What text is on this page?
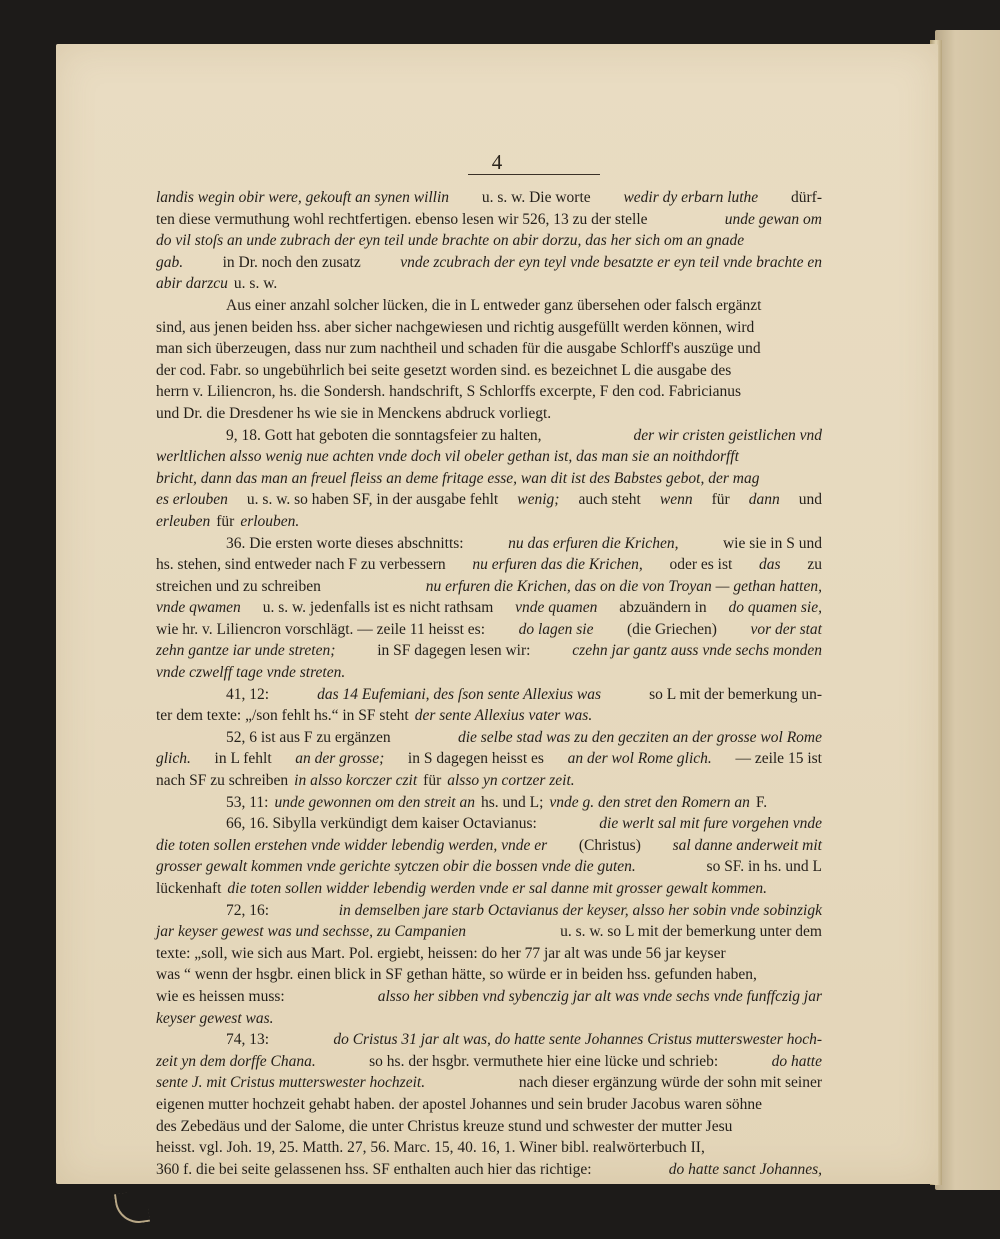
4
landis wegin obir were, gekouft an synen willin u. s. w. Die worte wedir dy erbarn luthe dürf-
ten diese vermuthung wohl rechtfertigen. ebenso lesen wir 526, 13 zu der stelle	unde gewan om
do vil stoſs an unde zubrach der eyn teil unde brachte on abir dorzu, das her sich om an gnade
gab.	in Dr. noch den zusatz	vnde zcubrach der eyn teyl vnde besatzte er eyn teil vnde brachte en
abir darzcu u. s. w.
Aus einer anzahl solcher lücken, die in L entweder ganz übersehen oder falsch ergänzt
sind, aus jenen beiden hss. aber sicher nachgewiesen und richtig ausgefüllt werden können, wird
man sich überzeugen, dass nur zum nachtheil und schaden für die ausgabe Schlorff's auszüge und
der cod. Fabr. so ungebührlich bei seite gesetzt worden sind. es bezeichnet L die ausgabe des
herrn v. Liliencron, hs. die Sondersh. handschrift, S Schlorffs excerpte, F den cod. Fabricianus
und Dr. die Dresdener hs wie sie in Menckens abdruck vorliegt.
9, 18. Gott hat geboten die sonntagsfeier zu halten,	der wir cristen geistlichen vnd
werltlichen alsso wenig nue achten vnde doch vil obeler gethan ist, das man sie an noithdorfft
bricht, dann das man an freuel fleiss an deme fritage esse, wan dit ist des Babstes gebot, der mag
es erlouben u. s. w. so haben SF, in der ausgabe fehlt wenig; auch steht wenn für dann und
erleuben für erlouben.
36. Die ersten worte dieses abschnitts:	nu das erfuren die Krichen,	wie sie in S und
hs. stehen, sind entweder nach F zu verbessern nu erfuren das die Krichen, oder es ist das zu
streichen und zu schreiben	nu erfuren die Krichen, das on die von Troyan — gethan hatten,
vnde qwamen u. s. w. jedenfalls ist es nicht rathsam vnde quamen abzuändern in do quamen sie,
wie hr. v. Liliencron vorschlägt. — zeile 11 heisst es: do lagen sie (die Griechen) vor der stat
zehn gantze iar unde streten;	in SF dagegen lesen wir:	czehn jar gantz auss vnde sechs monden
vnde czwelff tage vnde streten.
41, 12:	das 14 Eufemiani, des ſson sente Allexius was	so L mit der bemerkung un-
ter dem texte: „/son fehlt hs.“ in SF steht der sente Allexius vater was.
52, 6 ist aus F zu ergänzen	die selbe stad was zu den gecziten an der grosse wol Rome
glich. in L fehlt an der grosse; in S dagegen heisst es an der wol Rome glich. — zeile 15 ist
nach SF zu schreiben in alsso korczer czit für alsso yn cortzer zeit.
53, 11: unde gewonnen om den streit an hs. und L; vnde g. den stret den Romern an F.
66, 16. Sibylla verkündigt dem kaiser Octavianus:	die werlt sal mit fure vorgehen vnde
die toten sollen erstehen vnde widder lebendig werden, vnde er (Christus) sal danne anderweit mit
grosser gewalt kommen vnde gerichte sytczen obir die bossen vnde die guten.	so SF. in hs. und L
lückenhaft die toten sollen widder lebendig werden vnde er sal danne mit grosser gewalt kommen.
72, 16:	in demselben jare starb Octavianus der keyser, alsso her sobin vnde sobinzigk
jar keyser gewest was und sechsse, zu Campanien	u. s. w. so L mit der bemerkung unter dem
texte: „soll, wie sich aus Mart. Pol. ergiebt, heissen: do her 77 jar alt was unde 56 jar keyser
was “ wenn der hsgbr. einen blick in SF gethan hätte, so würde er in beiden hss. gefunden haben,
wie es heissen muss:	alsso her sibben vnd sybenczig jar alt was vnde sechs vnde funffczig jar
keyser gewest was.
74, 13:	do Cristus 31 jar alt was, do hatte sente Johannes Cristus mutterswester hoch-
zeit yn dem dorffe Chana.	so hs. der hsgbr. vermuthete hier eine lücke und schrieb:	do hatte
sente J. mit Cristus mutterswester hochzeit.	nach dieser ergänzung würde der sohn mit seiner
eigenen mutter hochzeit gehabt haben. der apostel Johannes und sein bruder Jacobus waren söhne
des Zebedäus und der Salome, die unter Christus kreuze stund und schwester der mutter Jesu
heisst. vgl. Joh. 19, 25. Matth. 27, 56. Marc. 15, 40. 16, 1. Winer bibl. realwörterbuch II,
360 f. die bei seite gelassenen hss. SF enthalten auch hier das richtige:	do hatte sanct Johannes,
